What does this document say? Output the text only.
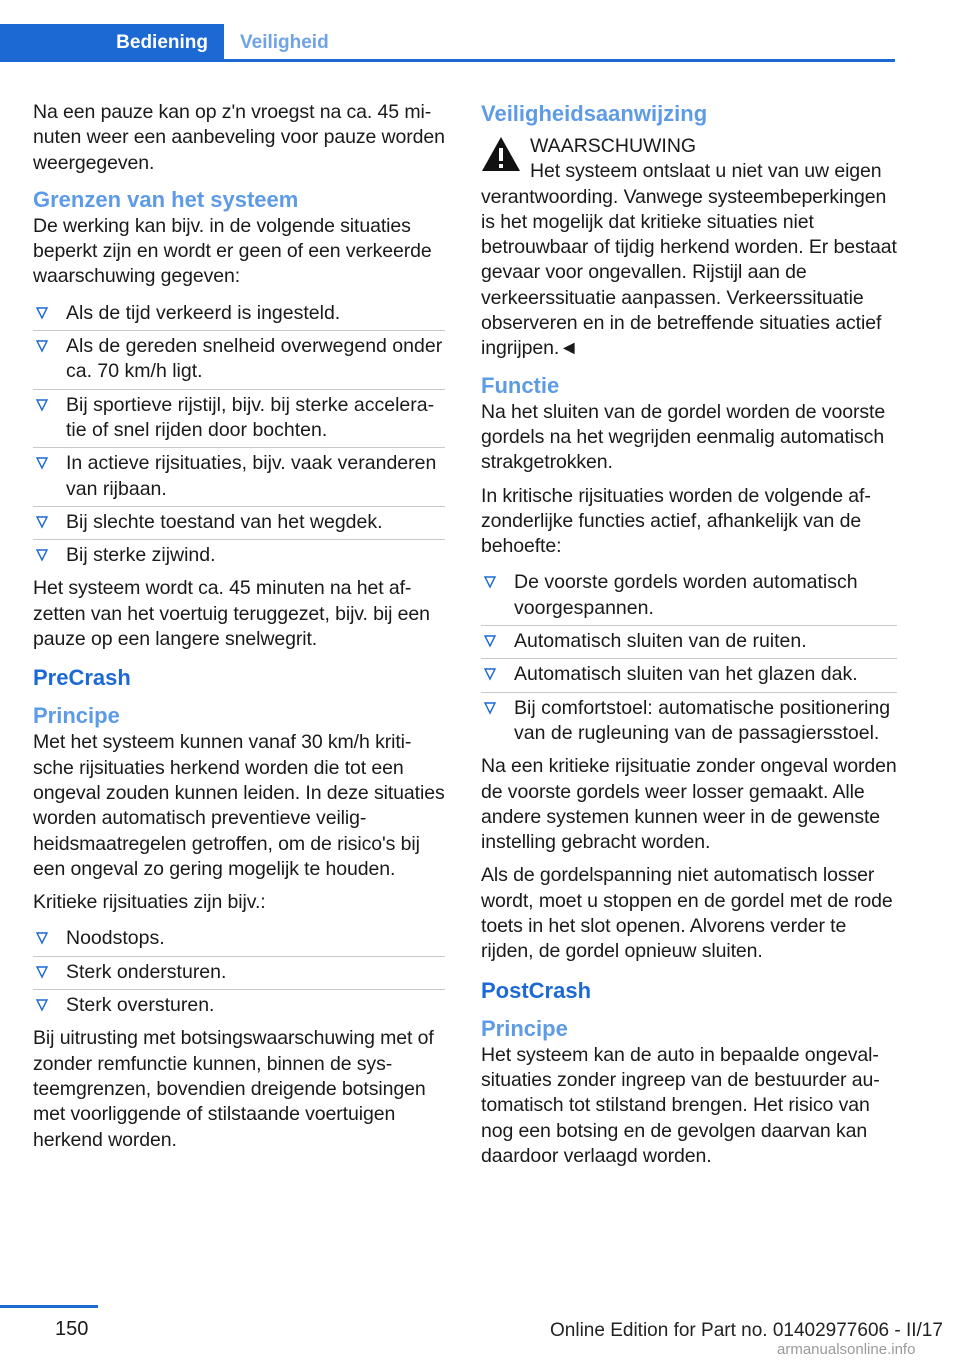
Bediening	Veiligheid

Na een pauze kan op z'n vroegst na ca. 45 minuten weer een aanbeveling voor pauze worden weergegeven.

Grenzen van het systeem

De werking kan bijv. in de volgende situaties beperkt zijn en wordt er geen of een verkeerde waarschuwing gegeven:

Als de tijd verkeerd is ingesteld.
Als de gereden snelheid overwegend onder ca. 70 km/h ligt.
Bij sportieve rijstijl, bijv. bij sterke acceleratie of snel rijden door bochten.
In actieve rijsituaties, bijv. vaak veranderen van rijbaan.
Bij slechte toestand van het wegdek.
Bij sterke zijwind.

Het systeem wordt ca. 45 minuten na het afzetten van het voertuig teruggezet, bijv. bij een pauze op een langere snelwegrit.

PreCrash
Principe

Met het systeem kunnen vanaf 30 km/h kritische rijsituaties herkend worden die tot een ongeval zouden kunnen leiden. In deze situaties worden automatisch preventieve veiligheidsmaatregelen getroffen, om de risico's bij een ongeval zo gering mogelijk te houden.

Kritieke rijsituaties zijn bijv.:

Noodstops.
Sterk ondersturen.
Sterk oversturen.

Bij uitrusting met botsingswaarschuwing met of zonder remfunctie kunnen, binnen de systeemgrenzen, bovendien dreigende botsingen met voorliggende of stilstaande voertuigen herkend worden.

Veiligheidsaanwijzing
WAARSCHUWING

Het systeem ontslaat u niet van uw eigen verantwoording. Vanwege systeembeperkingen is het mogelijk dat kritieke situaties niet betrouwbaar of tijdig herkend worden. Er bestaat gevaar voor ongevallen. Rijstijl aan de verkeerssituatie aanpassen. Verkeerssituatie observeren en in de betreffende situaties actief ingrijpen.◄

Functie

Na het sluiten van de gordel worden de voorste gordels na het wegrijden eenmalig automatisch strakgetrokken.

In kritische rijsituaties worden de volgende afzonderlijke functies actief, afhankelijk van de behoefte:

De voorste gordels worden automatisch voorgespannen.
Automatisch sluiten van de ruiten.
Automatisch sluiten van het glazen dak.
Bij comfortstoel: automatische positionering van de rugleuning van de passagiersstoel.

Na een kritieke rijsituatie zonder ongeval worden de voorste gordels weer losser gemaakt. Alle andere systemen kunnen weer in de gewenste instelling gebracht worden.

Als de gordelspanning niet automatisch losser wordt, moet u stoppen en de gordel met de rode toets in het slot openen. Alvorens verder te rijden, de gordel opnieuw sluiten.

PostCrash
Principe

Het systeem kan de auto in bepaalde ongevalsituaties zonder ingreep van de bestuurder automatisch tot stilstand brengen. Het risico van nog een botsing en de gevolgen daarvan kan daardoor verlaagd worden.

150	Online Edition for Part no. 01402977606 - II/17
armanualsonline.info
